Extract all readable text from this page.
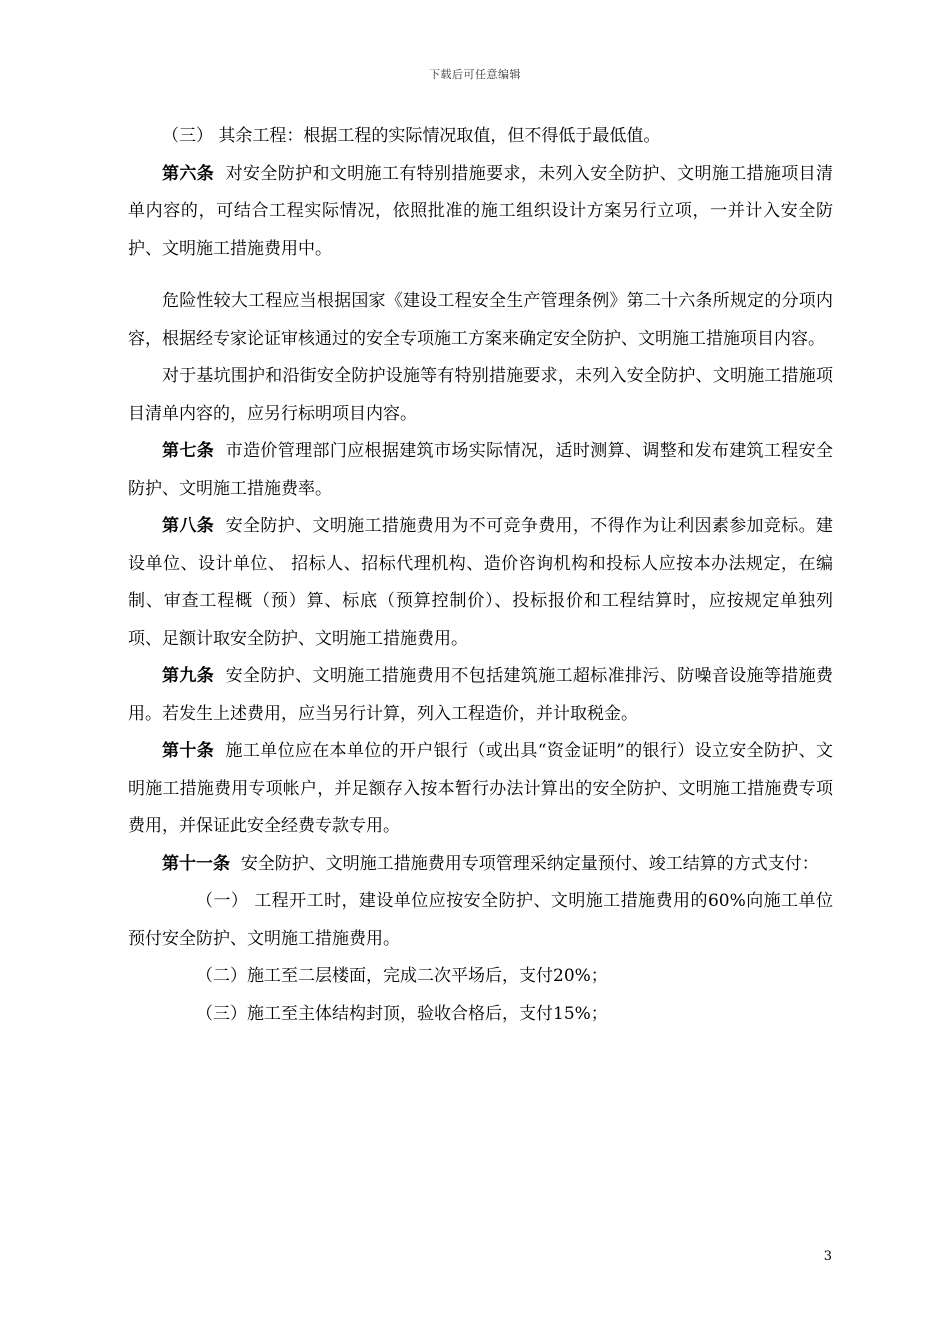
下载后可任意编辑

（三） 其余工程：根据工程的实际情况取值，但不得低于最低值。

第六条 对安全防护和文明施工有特别措施要求，未列入安全防护、文明施工措施项目清单内容的，可结合工程实际情况，依照批准的施工组织设计方案另行立项，一并计入安全防护、文明施工措施费用中。

危险性较大工程应当根据国家《建设工程安全生产管理条例》第二十六条所规定的分项内容，根据经专家论证审核通过的安全专项施工方案来确定安全防护、文明施工措施项目内容。

对于基坑围护和沿街安全防护设施等有特别措施要求，未列入安全防护、文明施工措施项目清单内容的，应另行标明项目内容。

第七条 市造价管理部门应根据建筑市场实际情况，适时测算、调整和发布建筑工程安全防护、文明施工措施费率。

第八条 安全防护、文明施工措施费用为不可竞争费用，不得作为让利因素参加竞标。建设单位、设计单位、 招标人、招标代理机构、造价咨询机构和投标人应按本办法规定，在编制、审查工程概（预）算、标底（预算控制价）、投标报价和工程结算时，应按规定单独列项、足额计取安全防护、文明施工措施费用。

第九条 安全防护、文明施工措施费用不包括建筑施工超标准排污、防噪音设施等措施费用。若发生上述费用，应当另行计算，列入工程造价，并计取税金。

第十条 施工单位应在本单位的开户银行（或出具“资金证明”的银行）设立安全防护、文明施工措施费用专项帐户，并足额存入按本暂行办法计算出的安全防护、文明施工措施费专项费用，并保证此安全经费专款专用。

第十一条 安全防护、文明施工措施费用专项管理采纳定量预付、竣工结算的方式支付：

（一） 工程开工时，建设单位应按安全防护、文明施工措施费用的60%向施工单位预付安全防护、文明施工措施费用。

（二）施工至二层楼面，完成二次平场后，支付20%；

（三）施工至主体结构封顶，验收合格后，支付15%；

3
